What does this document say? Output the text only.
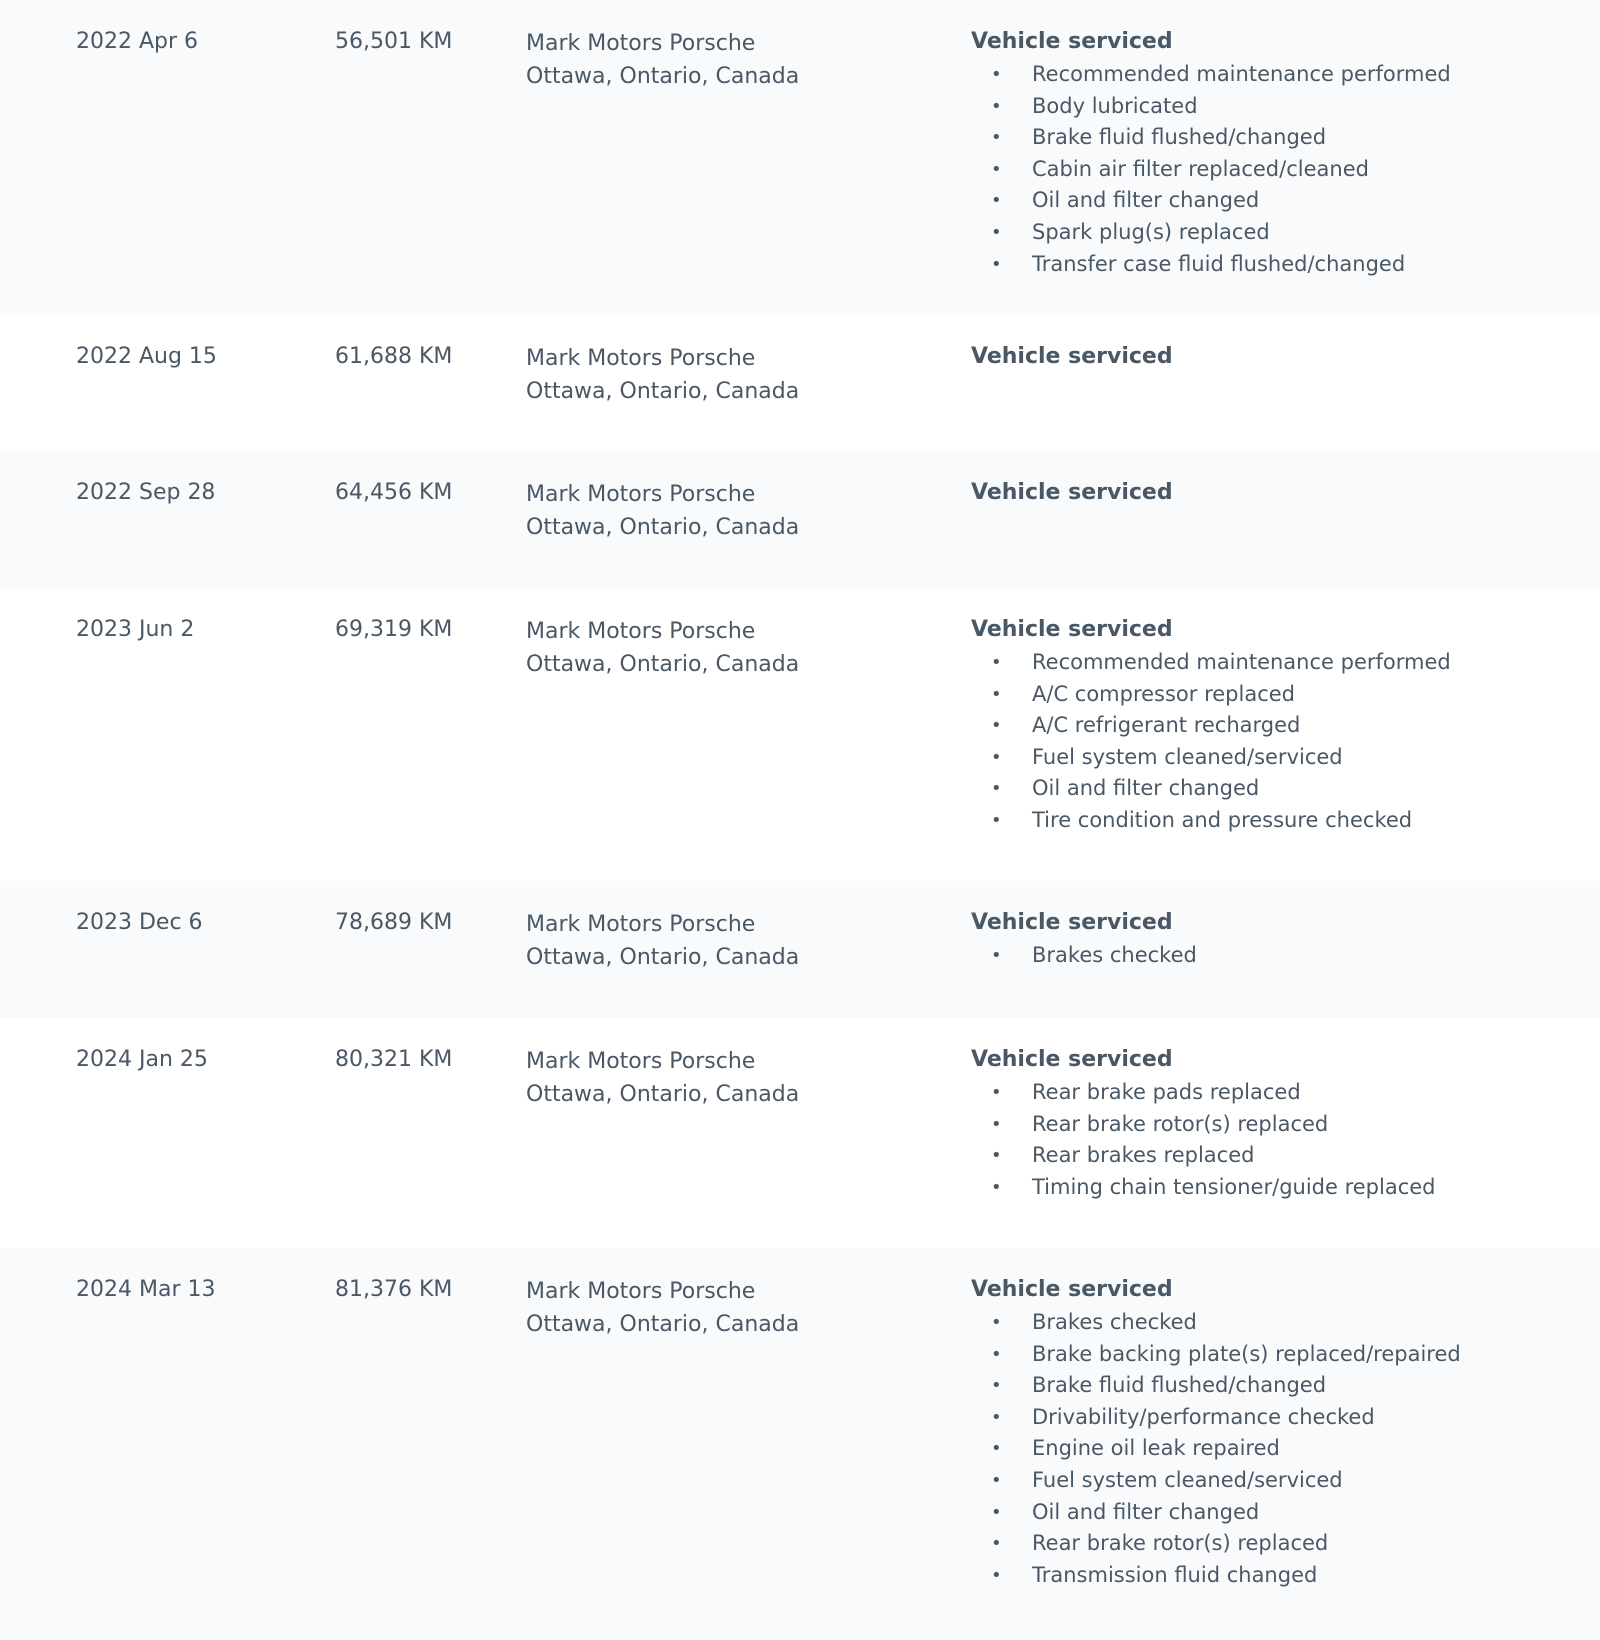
2022 Apr 6	56,501 KM	Mark Motors Porsche
Ottawa, Ontario, Canada
Vehicle serviced
• Recommended maintenance performed
• Body lubricated
• Brake fluid flushed/changed
• Cabin air filter replaced/cleaned
• Oil and filter changed
• Spark plug(s) replaced
• Transfer case fluid flushed/changed
2022 Aug 15	61,688 KM	Mark Motors Porsche
Ottawa, Ontario, Canada
Vehicle serviced
2022 Sep 28	64,456 KM	Mark Motors Porsche
Ottawa, Ontario, Canada
Vehicle serviced
2023 Jun 2	69,319 KM	Mark Motors Porsche
Ottawa, Ontario, Canada
Vehicle serviced
• Recommended maintenance performed
• A/C compressor replaced
• A/C refrigerant recharged
• Fuel system cleaned/serviced
• Oil and filter changed
• Tire condition and pressure checked
2023 Dec 6	78,689 KM	Mark Motors Porsche
Ottawa, Ontario, Canada
Vehicle serviced
• Brakes checked
2024 Jan 25	80,321 KM	Mark Motors Porsche
Ottawa, Ontario, Canada
Vehicle serviced
• Rear brake pads replaced
• Rear brake rotor(s) replaced
• Rear brakes replaced
• Timing chain tensioner/guide replaced
2024 Mar 13	81,376 KM	Mark Motors Porsche
Ottawa, Ontario, Canada
Vehicle serviced
• Brakes checked
• Brake backing plate(s) replaced/repaired
• Brake fluid flushed/changed
• Drivability/performance checked
• Engine oil leak repaired
• Fuel system cleaned/serviced
• Oil and filter changed
• Rear brake rotor(s) replaced
• Transmission fluid changed
